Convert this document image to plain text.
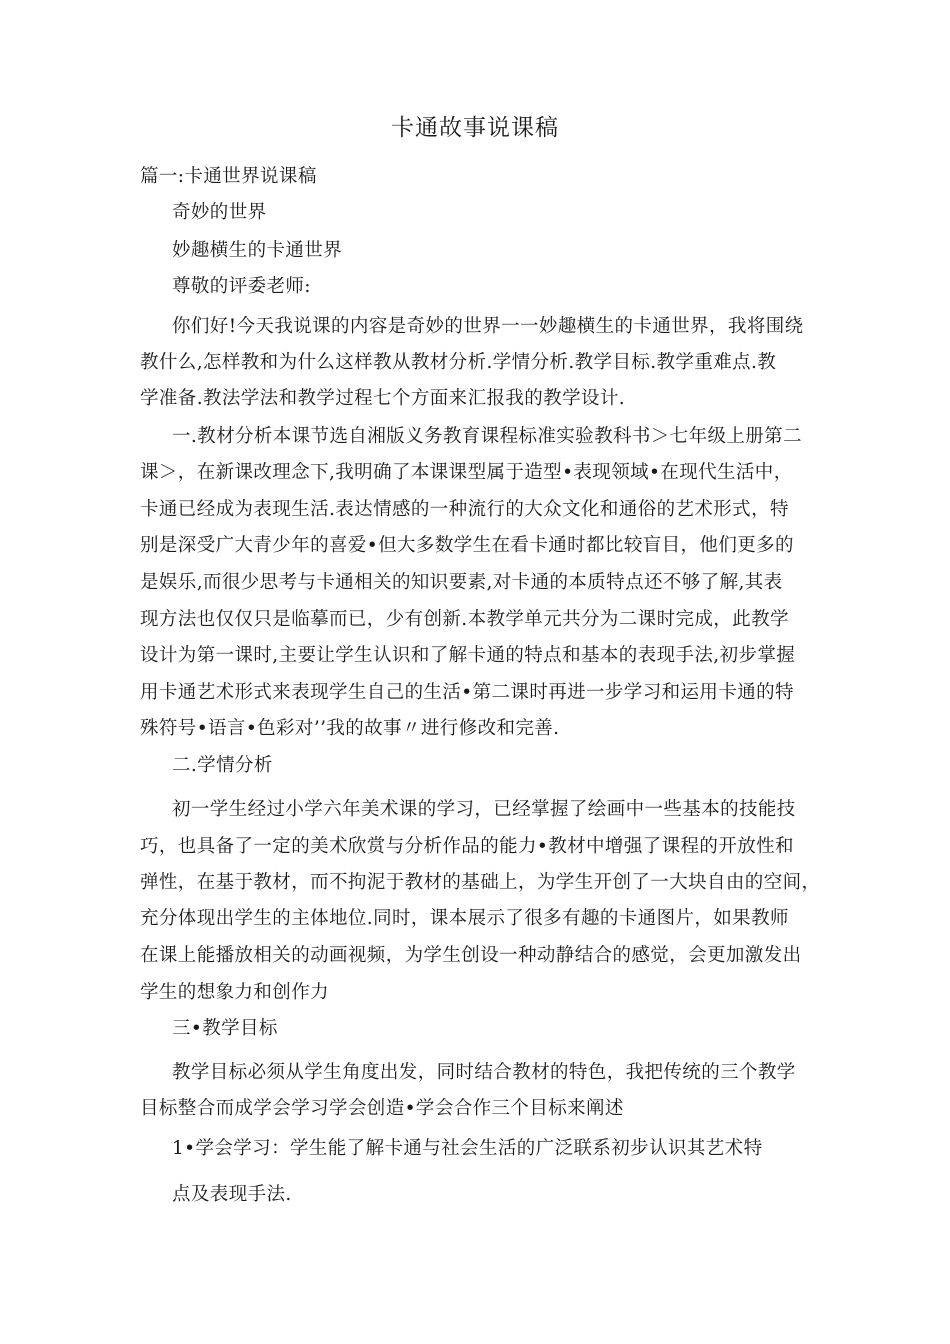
卡通故事说课稿
篇一:卡通世界说课稿
奇妙的世界
妙趣横生的卡通世界
尊敬的评委老师:
你们好!今天我说课的内容是奇妙的世界一一妙趣横生的卡通世界，我将围绕
教什么,怎样教和为什么这样教从教材分析.学情分析.教学目标.教学重难点.教
学准备.教法学法和教学过程七个方面来汇报我的教学设计.
一.教材分析本课节选自湘版义务教育课程标准实验教科书＞七年级上册第二
课＞，在新课改理念下,我明确了本课课型属于造型•表现领域•在现代生活中，
卡通已经成为表现生活.表达情感的一种流行的大众文化和通俗的艺术形式，特
别是深受广大青少年的喜爱•但大多数学生在看卡通时都比较盲目，他们更多的
是娱乐,而很少思考与卡通相关的知识要素,对卡通的本质特点还不够了解,其表
现方法也仅仅只是临摹而已，少有创新.本教学单元共分为二课时完成，此教学
设计为第一课时,主要让学生认识和了解卡通的特点和基本的表现手法,初步掌握
用卡通艺术形式来表现学生自己的生活•第二课时再进一步学习和运用卡通的特
殊符号•语言•色彩对’’我的故事〃进行修改和完善.
二.学情分析
初一学生经过小学六年美术课的学习，已经掌握了绘画中一些基本的技能技
巧，也具备了一定的美术欣赏与分析作品的能力•教材中增强了课程的开放性和
弹性，在基于教材，而不拘泥于教材的基础上，为学生开创了一大块自由的空间，
充分体现出学生的主体地位.同时，课本展示了很多有趣的卡通图片，如果教师
在课上能播放相关的动画视频，为学生创设一种动静结合的感觉，会更加激发出
学生的想象力和创作力
三•教学目标
教学目标必须从学生角度出发，同时结合教材的特色，我把传统的三个教学
目标整合而成学会学习学会创造•学会合作三个目标来阐述
1•学会学习：学生能了解卡通与社会生活的广泛联系初步认识其艺术特
点及表现手法.
